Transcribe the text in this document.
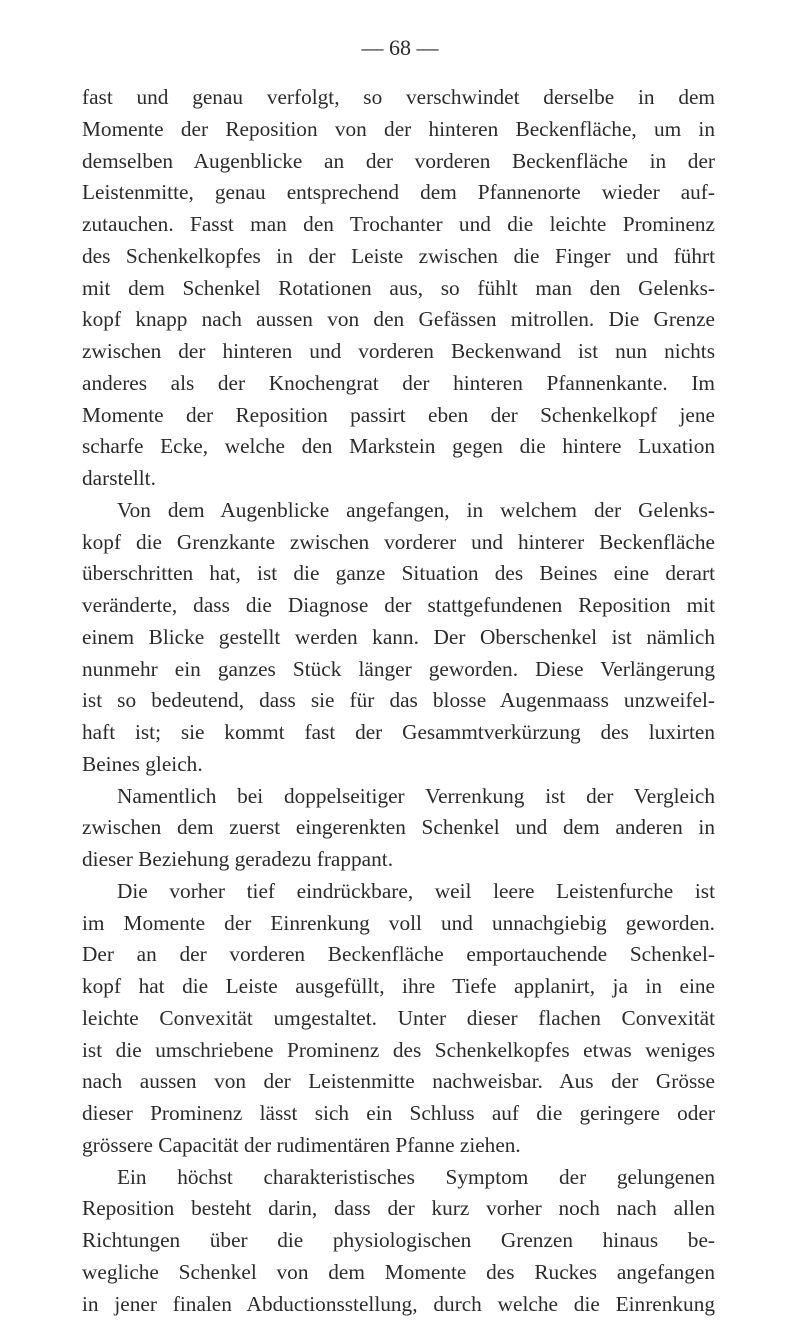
— 68 —
fast und genau verfolgt, so verschwindet derselbe in dem
Momente der Reposition von der hinteren Beckenfläche, um in
demselben Augenblicke an der vorderen Beckenfläche in der
Leistenmitte, genau entsprechend dem Pfannenorte wieder auf-
zutauchen. Fasst man den Trochanter und die leichte Prominenz
des Schenkelkopfes in der Leiste zwischen die Finger und führt
mit dem Schenkel Rotationen aus, so fühlt man den Gelenks-
kopf knapp nach aussen von den Gefässen mitrollen. Die Grenze
zwischen der hinteren und vorderen Beckenwand ist nun nichts
anderes als der Knochengrat der hinteren Pfannenkante. Im
Momente der Reposition passirt eben der Schenkelkopf jene
scharfe Ecke, welche den Markstein gegen die hintere Luxation
darstellt.
Von dem Augenblicke angefangen, in welchem der Gelenks-
kopf die Grenzkante zwischen vorderer und hinterer Beckenfläche
überschritten hat, ist die ganze Situation des Beines eine derart
veränderte, dass die Diagnose der stattgefundenen Reposition mit
einem Blicke gestellt werden kann. Der Oberschenkel ist nämlich
nunmehr ein ganzes Stück länger geworden. Diese Verlängerung
ist so bedeutend, dass sie für das blosse Augenmaass unzweifel-
haft ist; sie kommt fast der Gesammtverkürzung des luxirten
Beines gleich.
Namentlich bei doppelseitiger Verrenkung ist der Vergleich
zwischen dem zuerst eingerenkten Schenkel und dem anderen in
dieser Beziehung geradezu frappant.
Die vorher tief eindrückbare, weil leere Leistenfurche ist
im Momente der Einrenkung voll und unnachgiebig geworden.
Der an der vorderen Beckenfläche emportauchende Schenkel-
kopf hat die Leiste ausgefüllt, ihre Tiefe applanirt, ja in eine
leichte Convexität umgestaltet. Unter dieser flachen Convexität
ist die umschriebene Prominenz des Schenkelkopfes etwas weniges
nach aussen von der Leistenmitte nachweisbar. Aus der Grösse
dieser Prominenz lässt sich ein Schluss auf die geringere oder
grössere Capacität der rudimentären Pfanne ziehen.
Ein höchst charakteristisches Symptom der gelungenen
Reposition besteht darin, dass der kurz vorher noch nach allen
Richtungen über die physiologischen Grenzen hinaus be-
wegliche Schenkel von dem Momente des Ruckes angefangen
in jener finalen Abductionsstellung, durch welche die Einrenkung
